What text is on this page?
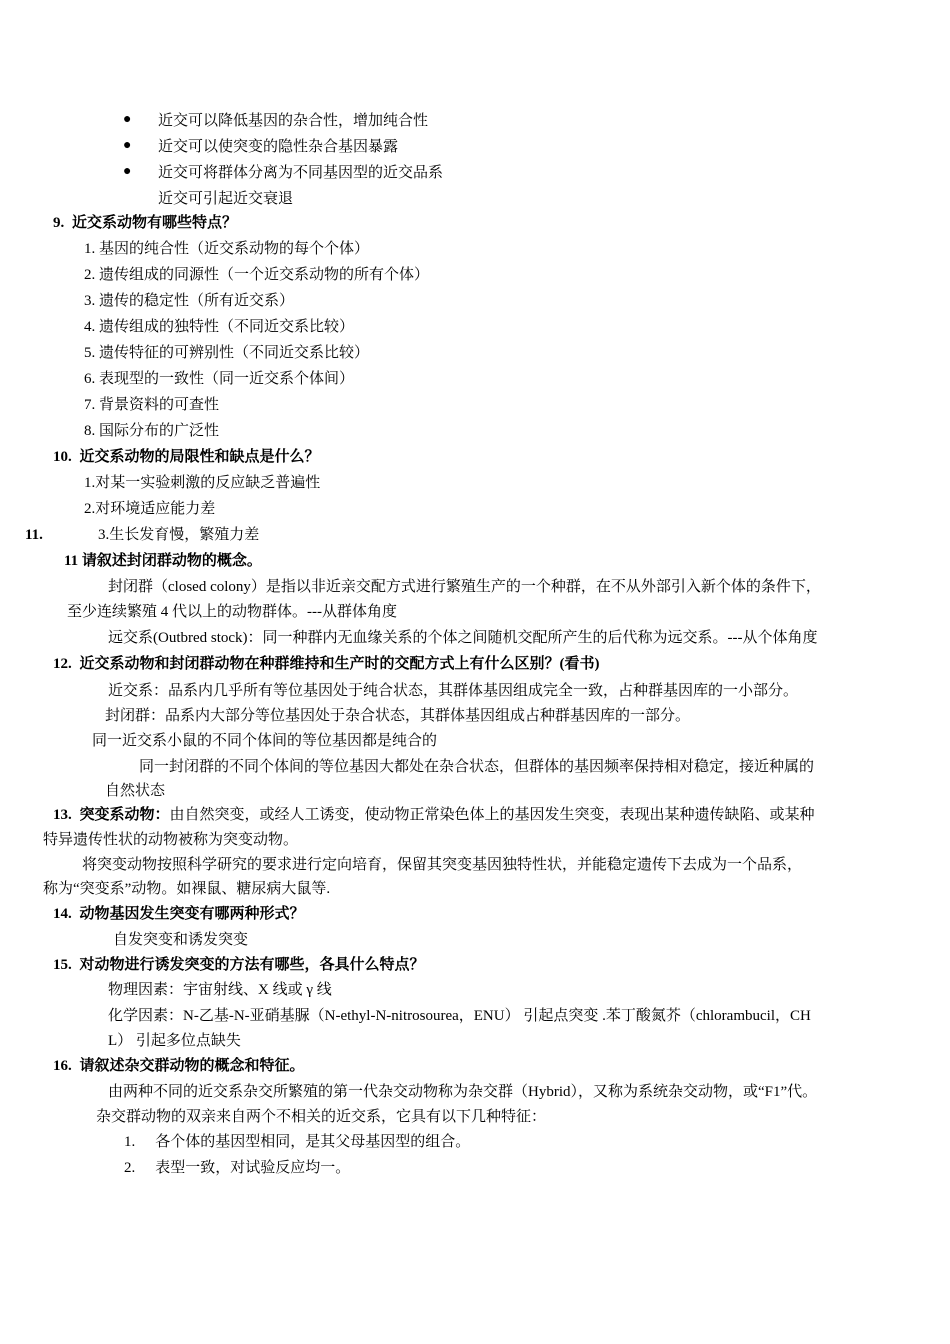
● 近交可以降低基因的杂合性，增加纯合性
● 近交可以使突变的隐性杂合基因暴露
● 近交可将群体分离为不同基因型的近交品系
近交可引起近交衰退
9. 近交系动物有哪些特点？
1. 基因的纯合性（近交系动物的每个个体）
2. 遗传组成的同源性（一个近交系动物的所有个体）
3. 遗传的稳定性（所有近交系）
4. 遗传组成的独特性（不同近交系比较）
5. 遗传特征的可辨别性（不同近交系比较）
6. 表现型的一致性（同一近交系个体间）
7. 背景资料的可查性
8. 国际分布的广泛性
10. 近交系动物的局限性和缺点是什么？
1.对某一实验刺激的反应缺乏普遍性
2.对环境适应能力差
11.	3.生长发育慢，繁殖力差
11 请叙述封闭群动物的概念。
封闭群（closed colony）是指以非近亲交配方式进行繁殖生产的一个种群，在不从外部引入新个体的条件下，
至少连续繁殖 4 代以上的动物群体。---从群体角度
远交系(Outbred stock)：同一种群内无血缘关系的个体之间随机交配所产生的后代称为远交系。---从个体角度
12. 近交系动物和封闭群动物在种群维持和生产时的交配方式上有什么区别？(看书)
近交系：品系内几乎所有等位基因处于纯合状态，其群体基因组成完全一致，占种群基因库的一小部分。
封闭群：品系内大部分等位基因处于杂合状态，其群体基因组成占种群基因库的一部分。
同一近交系小鼠的不同个体间的等位基因都是纯合的
同一封闭群的不同个体间的等位基因大都处在杂合状态，但群体的基因频率保持相对稳定，接近种属的
自然状态
13. 突变系动物：由自然突变，或经人工诱变，使动物正常染色体上的基因发生突变，表现出某种遗传缺陷、或某种
特异遗传性状的动物被称为突变动物。
将突变动物按照科学研究的要求进行定向培育，保留其突变基因独特性状，并能稳定遗传下去成为一个品系，
称为“突变系”动物。如裸鼠、糖尿病大鼠等.
14. 动物基因发生突变有哪两种形式？
自发突变和诱发突变
15. 对动物进行诱发突变的方法有哪些，各具什么特点？
物理因素：宇宙射线、X 线或 γ 线
化学因素：N-乙基-N-亚硝基脲（N-ethyl-N-nitrosourea，ENU） 引起点突变 .苯丁酸氮芥（chlorambucil，CH
L） 引起多位点缺失
16. 请叙述杂交群动物的概念和特征。
由两种不同的近交系杂交所繁殖的第一代杂交动物称为杂交群（Hybrid），又称为系统杂交动物，或“F1”代。
杂交群动物的双亲来自两个不相关的近交系，它具有以下几种特征：
1. 各个体的基因型相同，是其父母基因型的组合。
2. 表型一致，对试验反应均一。
